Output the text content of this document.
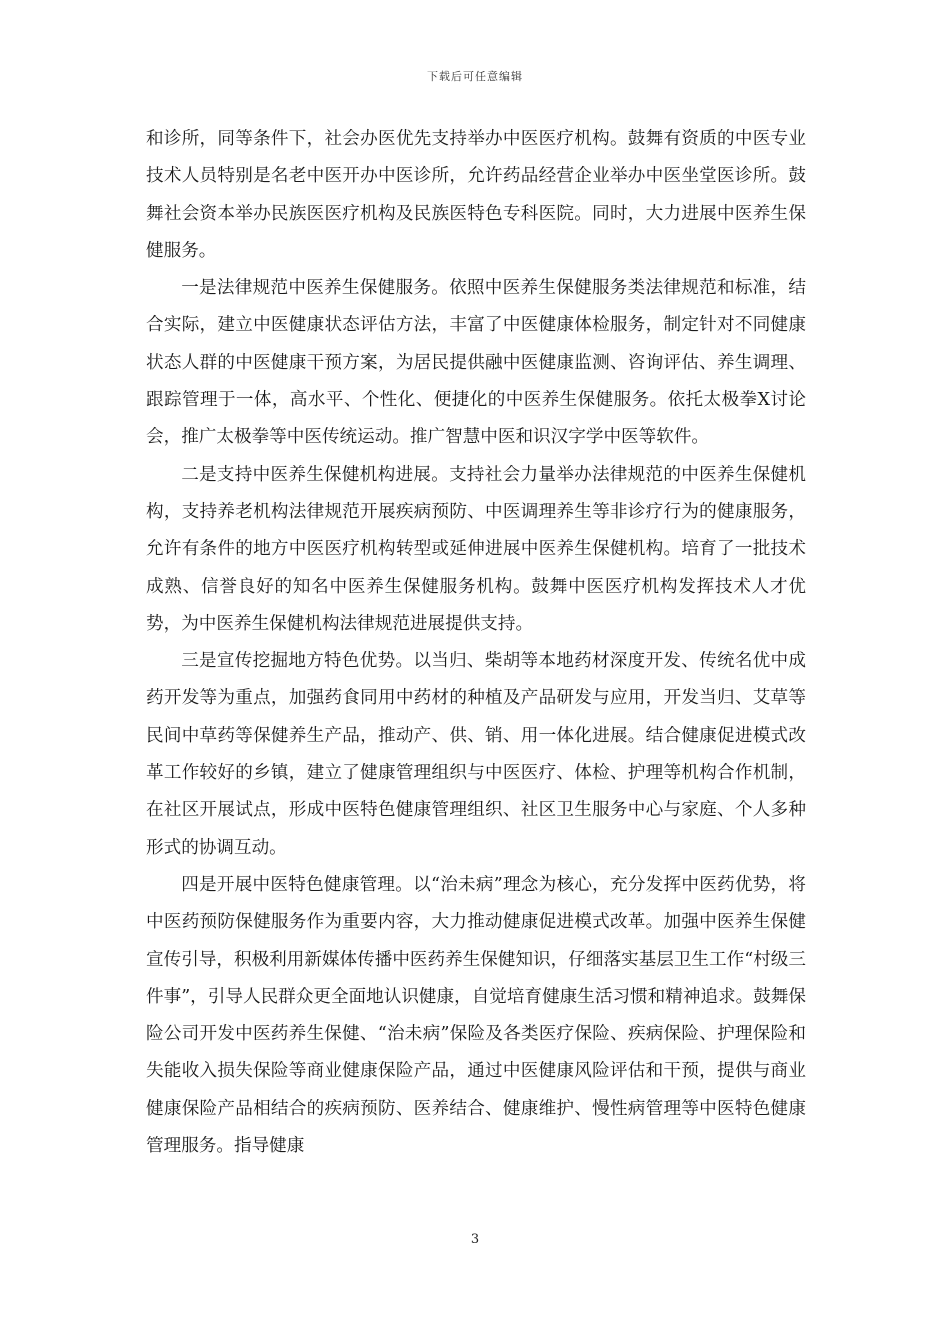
下载后可任意编辑

和诊所，同等条件下，社会办医优先支持举办中医医疗机构。鼓舞有资质的中医专业技术人员特别是名老中医开办中医诊所，允许药品经营企业举办中医坐堂医诊所。鼓舞社会资本举办民族医医疗机构及民族医特色专科医院。同时，大力进展中医养生保健服务。

一是法律规范中医养生保健服务。依照中医养生保健服务类法律规范和标准，结合实际，建立中医健康状态评估方法，丰富了中医健康体检服务，制定针对不同健康状态人群的中医健康干预方案，为居民提供融中医健康监测、咨询评估、养生调理、跟踪管理于一体，高水平、个性化、便捷化的中医养生保健服务。依托太极拳X讨论会，推广太极拳等中医传统运动。推广智慧中医和识汉字学中医等软件。

二是支持中医养生保健机构进展。支持社会力量举办法律规范的中医养生保健机构，支持养老机构法律规范开展疾病预防、中医调理养生等非诊疗行为的健康服务，允许有条件的地方中医医疗机构转型或延伸进展中医养生保健机构。培育了一批技术成熟、信誉良好的知名中医养生保健服务机构。鼓舞中医医疗机构发挥技术人才优势，为中医养生保健机构法律规范进展提供支持。

三是宣传挖掘地方特色优势。以当归、柴胡等本地药材深度开发、传统名优中成药开发等为重点，加强药食同用中药材的种植及产品研发与应用，开发当归、艾草等民间中草药等保健养生产品，推动产、供、销、用一体化进展。结合健康促进模式改革工作较好的乡镇，建立了健康管理组织与中医医疗、体检、护理等机构合作机制，在社区开展试点，形成中医特色健康管理组织、社区卫生服务中心与家庭、个人多种形式的协调互动。

四是开展中医特色健康管理。以“治未病”理念为核心，充分发挥中医药优势，将中医药预防保健服务作为重要内容，大力推动健康促进模式改革。加强中医养生保健宣传引导，积极利用新媒体传播中医药养生保健知识，仔细落实基层卫生工作“村级三件事”，引导人民群众更全面地认识健康，自觉培育健康生活习惯和精神追求。鼓舞保险公司开发中医药养生保健、“治未病”保险及各类医疗保险、疾病保险、护理保险和失能收入损失保险等商业健康保险产品，通过中医健康风险评估和干预，提供与商业健康保险产品相结合的疾病预防、医养结合、健康维护、慢性病管理等中医特色健康管理服务。指导健康

3
